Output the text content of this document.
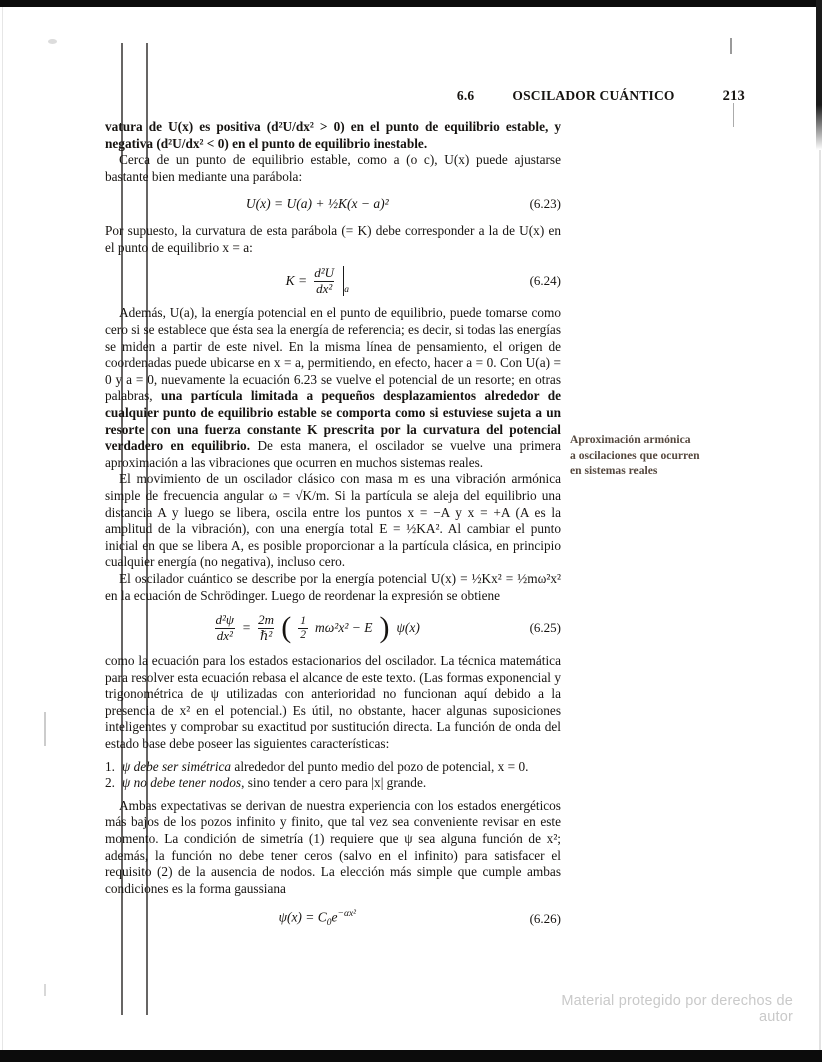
6.6	OSCILADOR CUÁNTICO	213

vatura de U(x) es positiva (d²U/dx² > 0) en el punto de equilibrio estable, y negativa (d²U/dx² < 0) en el punto de equilibrio inestable.

Cerca de un punto de equilibrio estable, como a (o c), U(x) puede ajustarse bastante bien mediante una parábola:

U(x) = U(a) + ½K(x − a)²	(6.23)

Por supuesto, la curvatura de esta parábola (= K) debe corresponder a la de U(x) en el punto de equilibrio x = a:

$K = \frac{\text{d²U}}{\text{dx²}} _a$
(6.24)

Además, U(a), la energía potencial en el punto de equilibrio, puede tomarse como cero si se establece que ésta sea la energía de referencia; es decir, si todas las energías se miden a partir de este nivel. En la misma línea de pensamiento, el origen de coordenadas puede ubicarse en x = a, permitiendo, en efecto, hacer a = 0. Con U(a) = 0 y a = 0, nuevamente la ecuación 6.23 se vuelve el potencial de un resorte; en otras palabras, una partícula limitada a pequeños desplazamientos alrededor de cualquier punto de equilibrio estable se comporta como si estuviese sujeta a un resorte con una fuerza constante K prescrita por la curvatura del potencial verdadero en equilibrio. De esta manera, el oscilador se vuelve una primera aproximación a las vibraciones que ocurren en muchos sistemas reales.

El movimiento de un oscilador clásico con masa m es una vibración armónica simple de frecuencia angular ω = √K/m. Si la partícula se aleja del equilibrio una distancia A y luego se libera, oscila entre los puntos x = −A y x = +A (A es la amplitud de la vibración), con una energía total E = ½KA². Al cambiar el punto inicial en que se libera A, es posible proporcionar a la partícula clásica, en principio cualquier energía (no negativa), incluso cero.

El oscilador cuántico se describe por la energía potencial U(x) = ½Kx² = ½mω²x² en la ecuación de Schrödinger. Luego de reordenar la expresión se obtiene

$\frac{\text{d²ψ}}{\text{dx²}} = \frac{2m}{\text{ℏ²}}$ ( $\frac{1}{2} m\omega^2x^2 - E$ ) ψ(x)	(6.25)

como la ecuación para los estados estacionarios del oscilador. La técnica matemática para resolver esta ecuación rebasa el alcance de este texto. (Las formas exponencial y trigonométrica de ψ utilizadas con anterioridad no funcionan aquí debido a la presencia de x² en el potencial.) Es útil, no obstante, hacer algunas suposiciones inteligentes y comprobar su exactitud por sustitución directa. La función de onda del estado base debe poseer las siguientes características:

1. ψ debe ser simétrica alrededor del punto medio del pozo de potencial, x = 0.
2. ψ no debe tener nodos, sino tender a cero para |x| grande.

Ambas expectativas se derivan de nuestra experiencia con los estados energéticos más bajos de los pozos infinito y finito, que tal vez sea conveniente revisar en este momento. La condición de simetría (1) requiere que ψ sea alguna función de x²; además, la función no debe tener ceros (salvo en el infinito) para satisfacer el requisito (2) de la ausencia de nodos. La elección más simple que cumple ambas condiciones es la forma gaussiana

$\psi(x) = C_0e^{-\alpha x^2}$	(6.26)
Aproximación armónica
a oscilaciones que ocurren
en sistemas reales
Material protegido por derechos de autor
